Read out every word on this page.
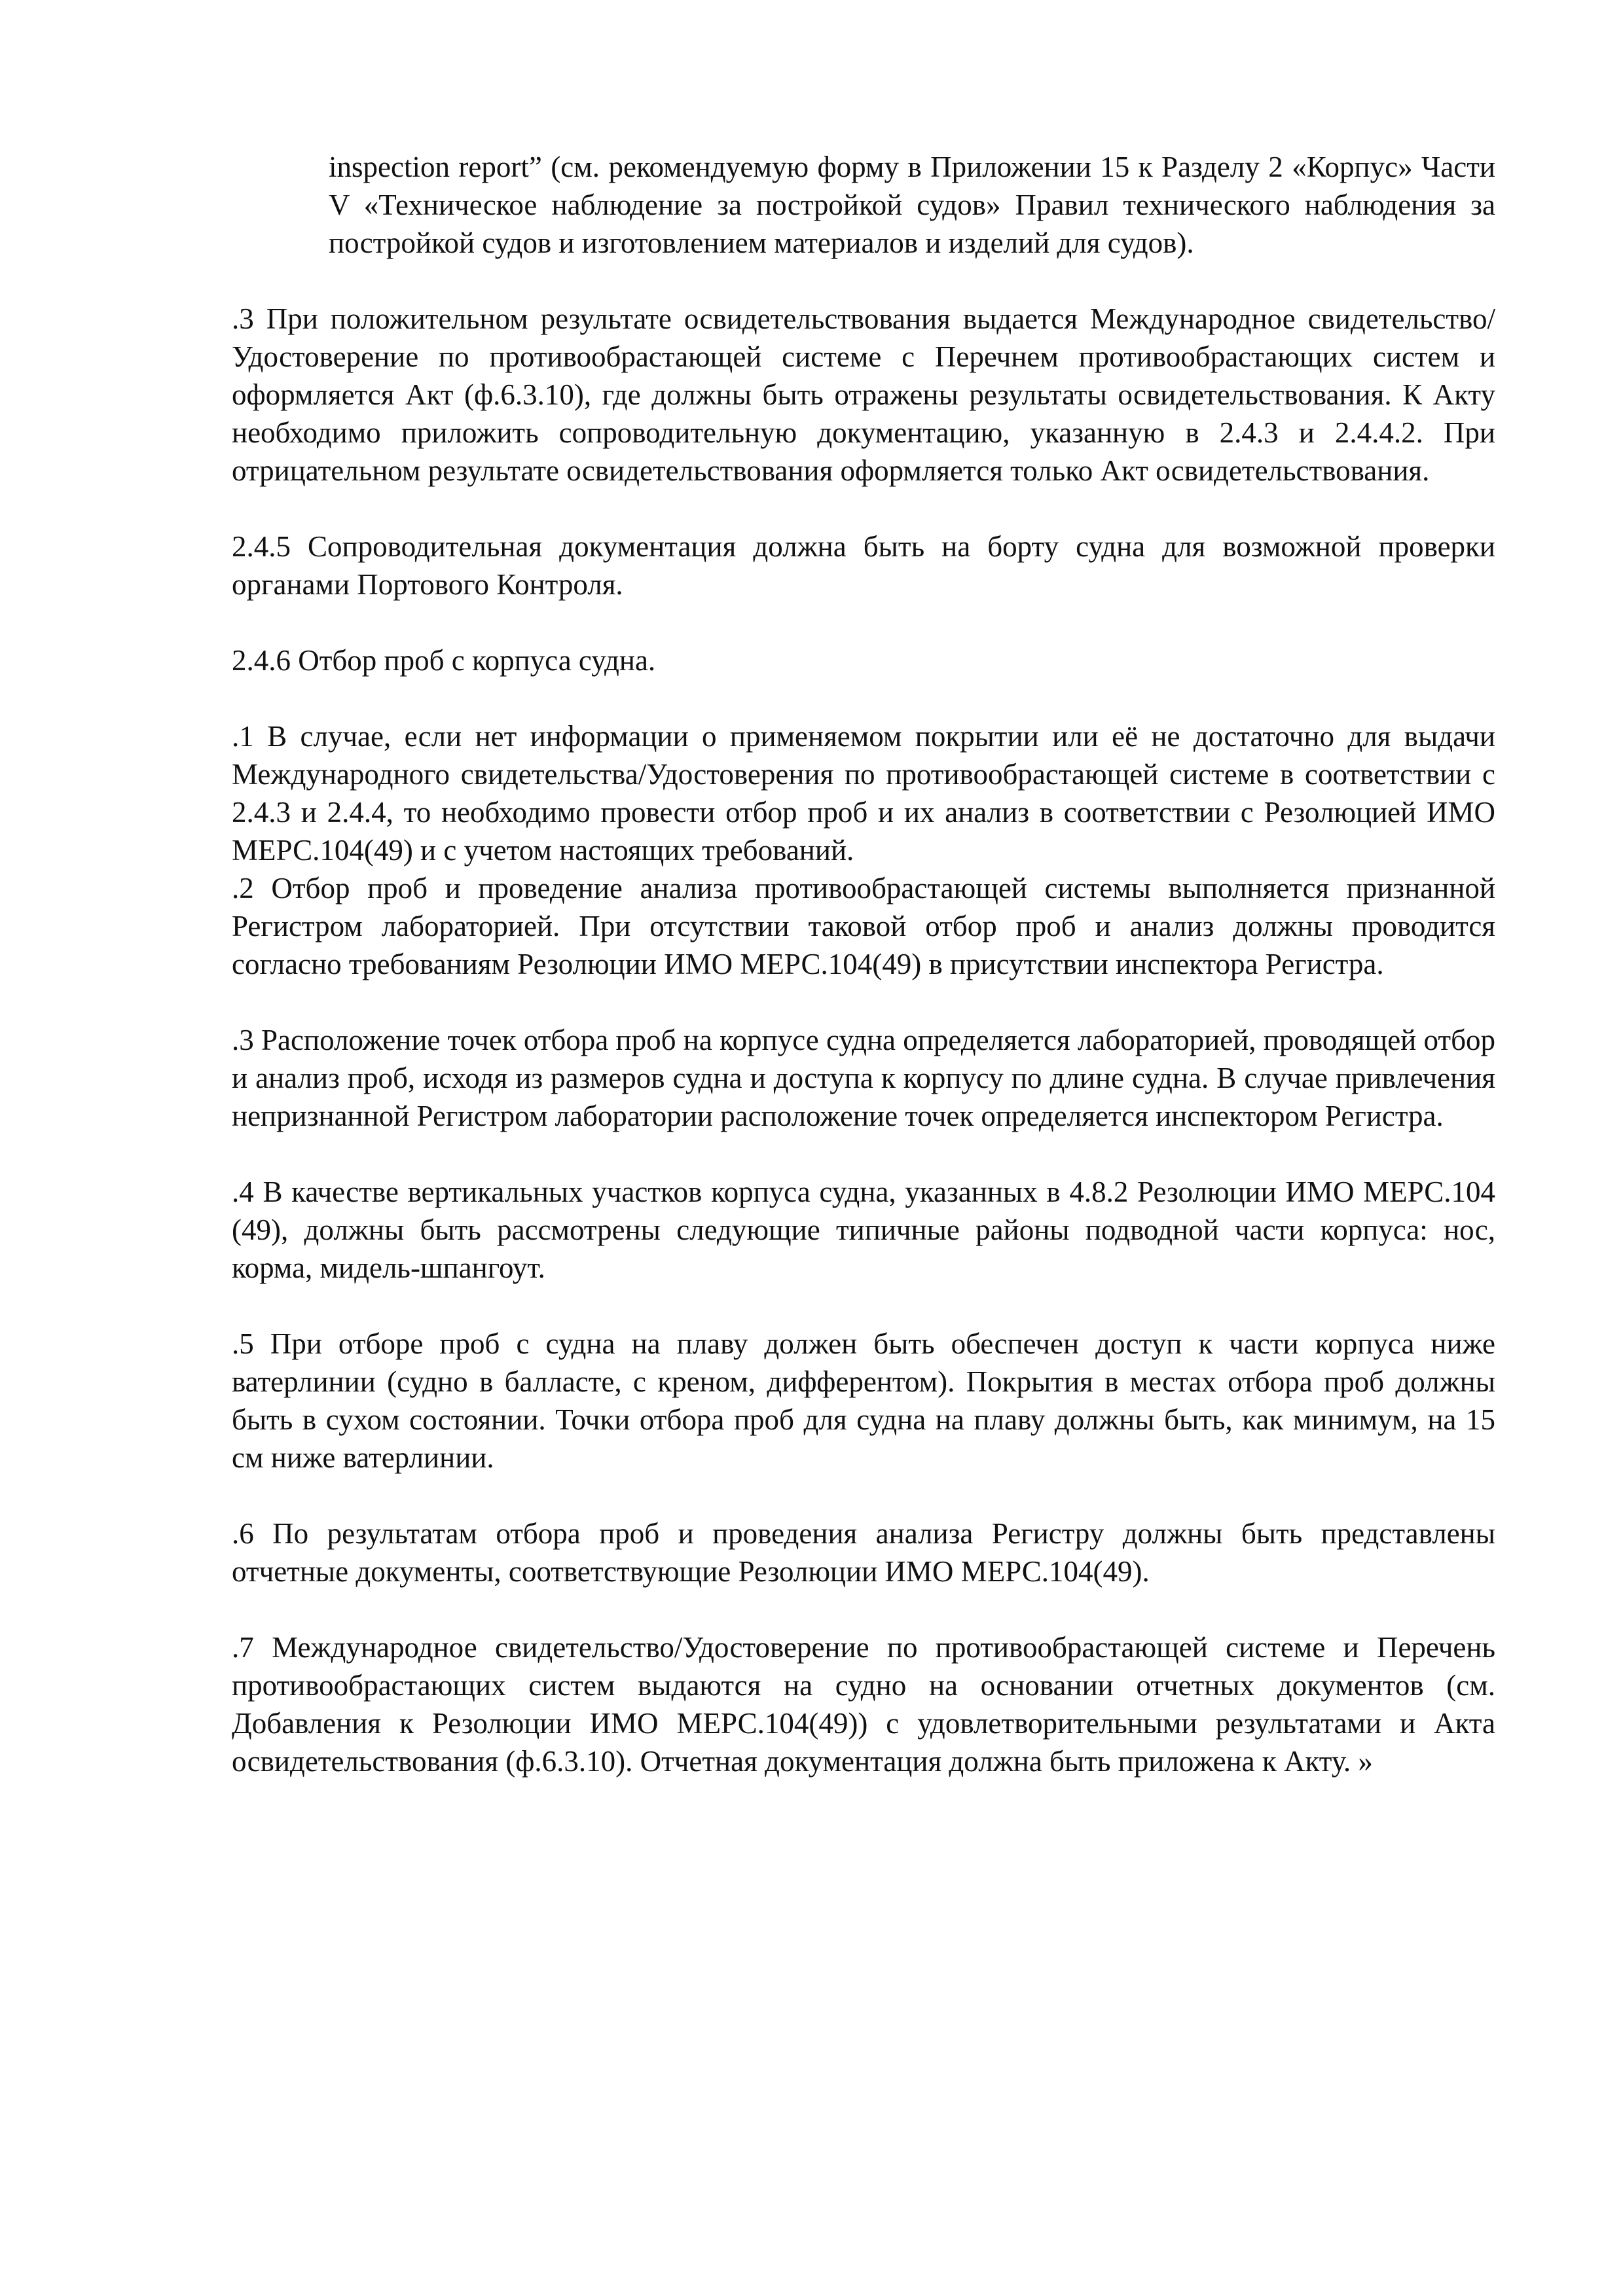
inspection report” (см. рекомендуемую форму в Приложении 15 к Разделу 2 «Корпус» Части V «Техническое наблюдение за постройкой судов» Правил технического наблюдения за постройкой судов и изготовлением материалов и изделий для судов).

.3 При положительном результате освидетельствования выдается Международное свидетельство/Удостоверение по противообрастающей системе с Перечнем противообрастающих систем и оформляется Акт (ф.6.3.10), где должны быть отражены результаты освидетельствования. К Акту необходимо приложить сопроводительную документацию, указанную в 2.4.3 и 2.4.4.2. При отрицательном результате освидетельствования оформляется только Акт освидетельствования.

2.4.5 Сопроводительная документация должна быть на борту судна для возможной проверки органами Портового Контроля.

2.4.6 Отбор проб с корпуса судна.

.1 В случае, если нет информации о применяемом покрытии или её не достаточно для выдачи Международного свидетельства/Удостоверения по противообрастающей системе в соответствии с 2.4.3 и 2.4.4, то необходимо провести отбор проб и их анализ в соответствии с Резолюцией ИМО МЕРС.104(49) и с учетом настоящих требований.

.2 Отбор проб и проведение анализа противообрастающей системы выполняется признанной Регистром лабораторией. При отсутствии таковой отбор проб и анализ должны проводится согласно требованиям Резолюции ИМО МЕРС.104(49) в присутствии инспектора Регистра.

.3 Расположение точек отбора проб на корпусе судна определяется лабораторией, проводящей отбор и анализ проб, исходя из размеров судна и доступа к корпусу по длине судна. В случае привлечения непризнанной Регистром лаборатории расположение точек определяется инспектором Регистра.

.4 В качестве вертикальных участков корпуса судна, указанных в 4.8.2 Резолюции ИМО МЕРС.104 (49), должны быть рассмотрены следующие типичные районы подводной части корпуса: нос, корма, мидель-шпангоут.

.5 При отборе проб с судна на плаву должен быть обеспечен доступ к части корпуса ниже ватерлинии (судно в балласте, с креном, дифферентом). Покрытия в местах отбора проб должны быть в сухом состоянии. Точки отбора проб для судна на плаву должны быть, как минимум, на 15 см ниже ватерлинии.

.6 По результатам отбора проб и проведения анализа Регистру должны быть представлены отчетные документы, соответствующие Резолюции ИМО МЕРС.104(49).

.7 Международное свидетельство/Удостоверение по противообрастающей системе и Перечень противообрастающих систем выдаются на судно на основании отчетных документов (см. Добавления к Резолюции ИМО МЕРС.104(49)) с удовлетворительными результатами и Акта освидетельствования (ф.6.3.10). Отчетная документация должна быть приложена к Акту. »
